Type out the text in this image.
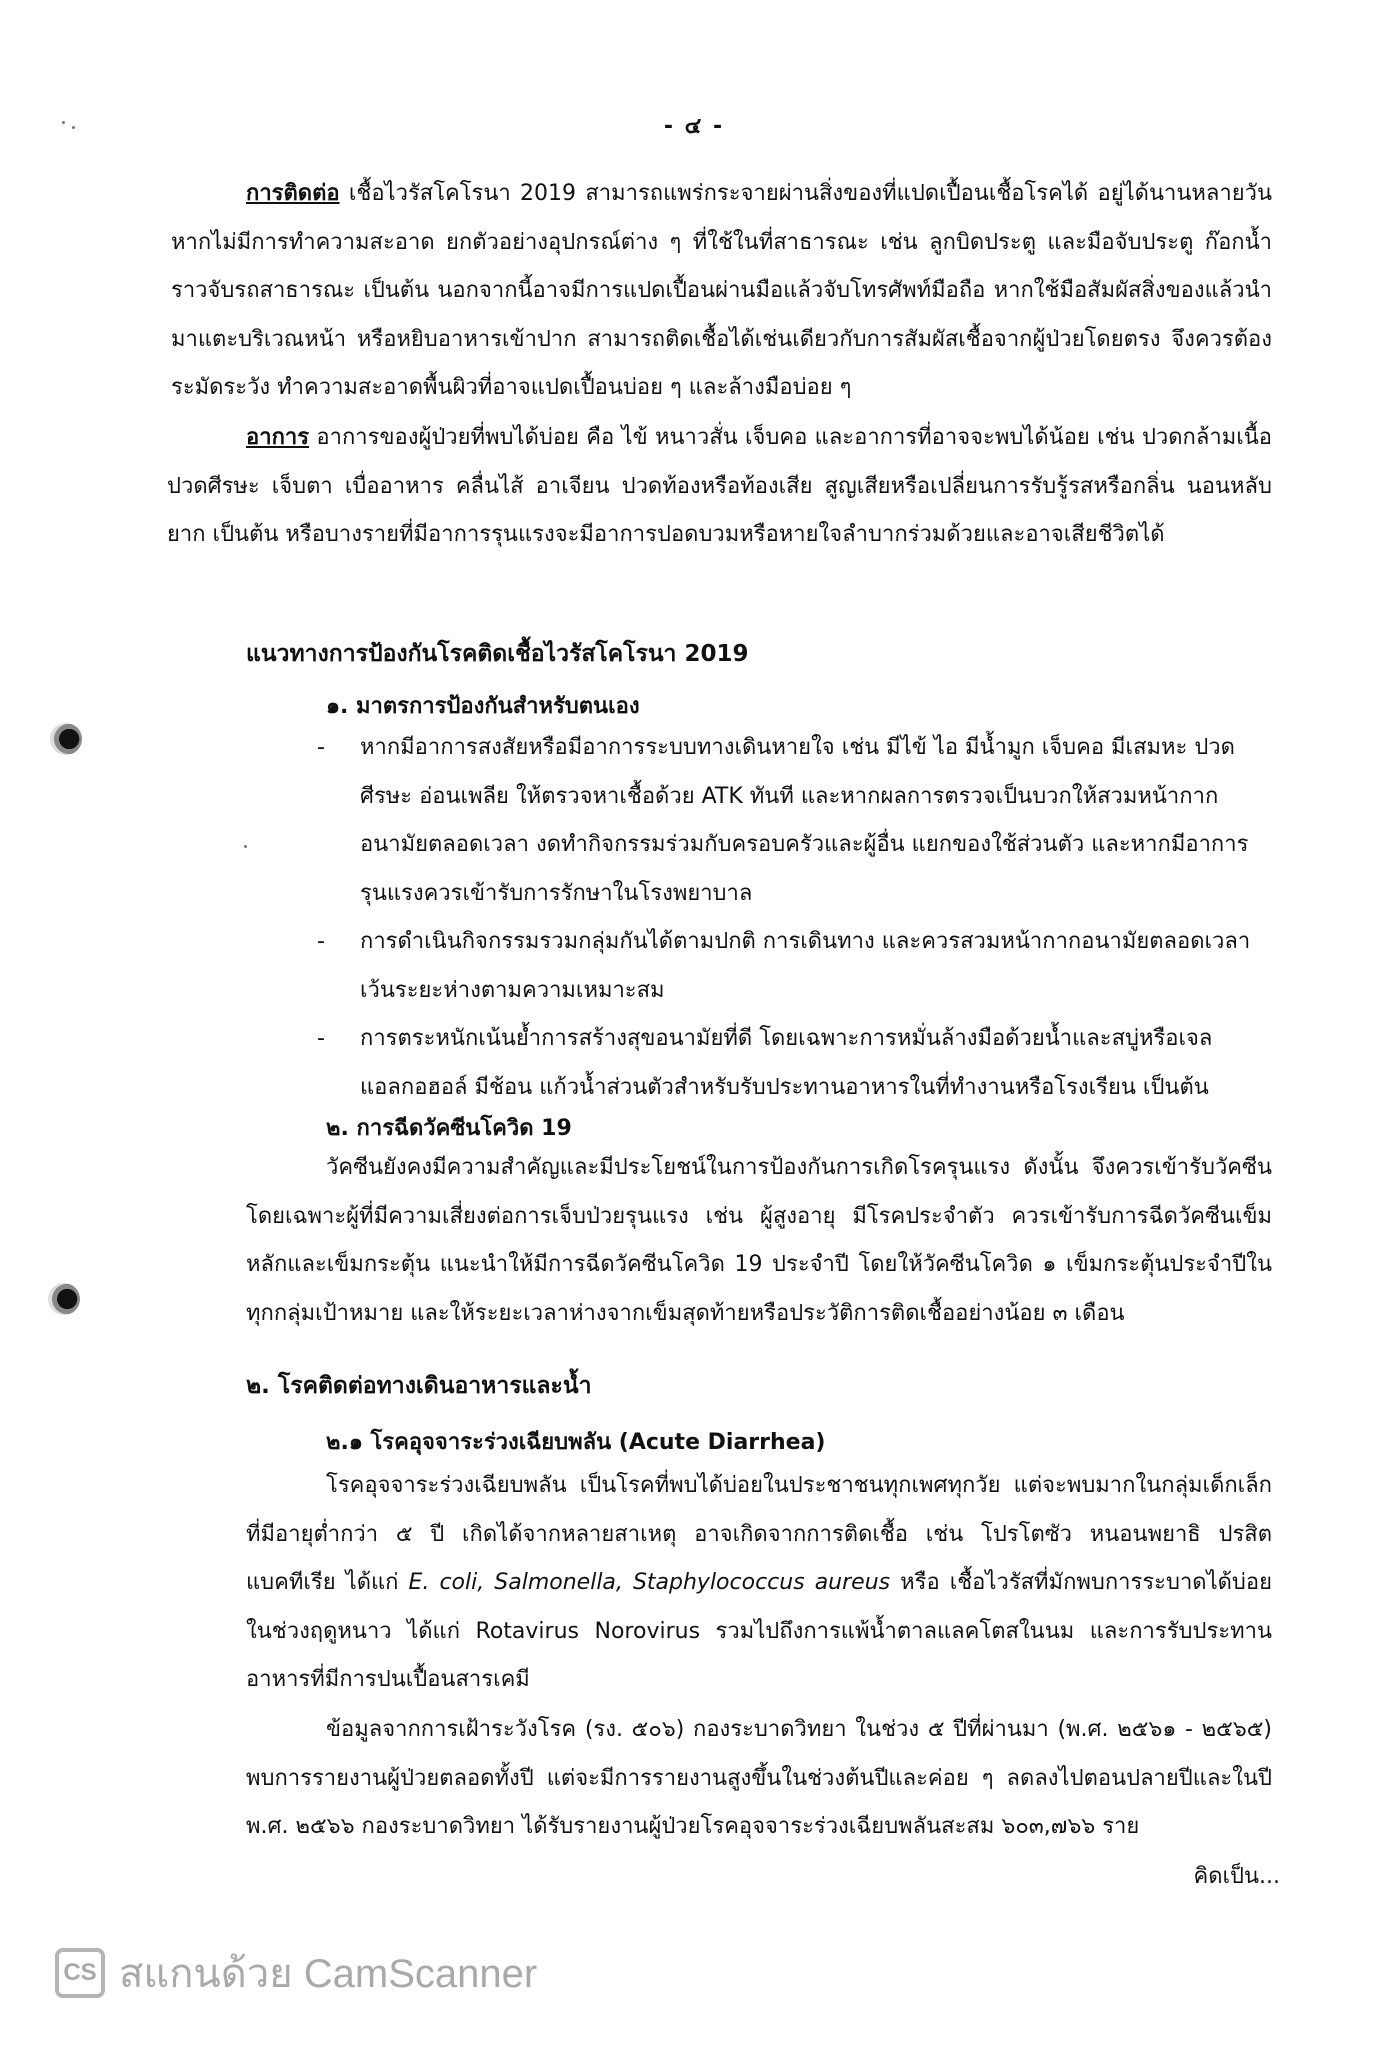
- ๔ -

การติดต่อ เชื้อไวรัสโคโรนา 2019 สามารถแพร่กระจายผ่านสิ่งของที่แปดเปื้อนเชื้อโรคได้ อยู่ได้นานหลายวันหากไม่มีการทำความสะอาด ยกตัวอย่างอุปกรณ์ต่าง ๆ ที่ใช้ในที่สาธารณะ เช่น ลูกบิดประตู และมือจับประตู ก๊อกน้ำ ราวจับรถสาธารณะ เป็นต้น นอกจากนี้อาจมีการแปดเปื้อนผ่านมือแล้วจับโทรศัพท์มือถือ หากใช้มือสัมผัสสิ่งของแล้วนำมาแตะบริเวณหน้า หรือหยิบอาหารเข้าปาก สามารถติดเชื้อได้เช่นเดียวกับการสัมผัสเชื้อจากผู้ป่วยโดยตรง จึงควรต้องระมัดระวัง ทำความสะอาดพื้นผิวที่อาจแปดเปื้อนบ่อย ๆ และล้างมือบ่อย ๆ

อาการ อาการของผู้ป่วยที่พบได้บ่อย คือ ไข้ หนาวสั่น เจ็บคอ และอาการที่อาจจะพบได้น้อย เช่น ปวดกล้ามเนื้อ ปวดศีรษะ เจ็บตา เบื่ออาหาร คลื่นไส้ อาเจียน ปวดท้องหรือท้องเสีย สูญเสียหรือเปลี่ยนการรับรู้รสหรือกลิ่น นอนหลับยาก เป็นต้น หรือบางรายที่มีอาการรุนแรงจะมีอาการปอดบวมหรือหายใจลำบากร่วมด้วยและอาจเสียชีวิตได้

แนวทางการป้องกันโรคติดเชื้อไวรัสโคโรนา 2019
๑. มาตรการป้องกันสำหรับตนเอง
- หากมีอาการสงสัยหรือมีอาการระบบทางเดินหายใจ เช่น มีไข้ ไอ มีน้ำมูก เจ็บคอ มีเสมหะ ปวดศีรษะ อ่อนเพลีย ให้ตรวจหาเชื้อด้วย ATK ทันที และหากผลการตรวจเป็นบวกให้สวมหน้ากากอนามัยตลอดเวลา งดทำกิจกรรมร่วมกับครอบครัวและผู้อื่น แยกของใช้ส่วนตัว และหากมีอาการรุนแรงควรเข้ารับการรักษาในโรงพยาบาล
- การดำเนินกิจกรรมรวมกลุ่มกันได้ตามปกติ การเดินทาง และควรสวมหน้ากากอนามัยตลอดเวลา เว้นระยะห่างตามความเหมาะสม
- การตระหนักเน้นย้ำการสร้างสุขอนามัยที่ดี โดยเฉพาะการหมั่นล้างมือด้วยน้ำและสบู่หรือเจลแอลกอฮอล์ มีช้อน แก้วน้ำส่วนตัวสำหรับรับประทานอาหารในที่ทำงานหรือโรงเรียน เป็นต้น
๒. การฉีดวัคซีนโควิด 19

วัคซีนยังคงมีความสำคัญและมีประโยชน์ในการป้องกันการเกิดโรครุนแรง ดังนั้น จึงควรเข้ารับวัคซีนโดยเฉพาะผู้ที่มีความเสี่ยงต่อการเจ็บป่วยรุนแรง เช่น ผู้สูงอายุ มีโรคประจำตัว ควรเข้ารับการฉีดวัคซีนเข็มหลักและเข็มกระตุ้น แนะนำให้มีการฉีดวัคซีนโควิด 19 ประจำปี โดยให้วัคซีนโควิด ๑ เข็มกระตุ้นประจำปีในทุกกลุ่มเป้าหมาย และให้ระยะเวลาห่างจากเข็มสุดท้ายหรือประวัติการติดเชื้ออย่างน้อย ๓ เดือน

๒. โรคติดต่อทางเดินอาหารและน้ำ
๒.๑ โรคอุจจาระร่วงเฉียบพลัน (Acute Diarrhea)

โรคอุจจาระร่วงเฉียบพลัน เป็นโรคที่พบได้บ่อยในประชาชนทุกเพศทุกวัย แต่จะพบมากในกลุ่มเด็กเล็กที่มีอายุต่ำกว่า ๕ ปี เกิดได้จากหลายสาเหตุ อาจเกิดจากการติดเชื้อ เช่น โปรโตซัว หนอนพยาธิ ปรสิต แบคทีเรีย ได้แก่ E. coli, Salmonella, Staphylococcus aureus หรือ เชื้อไวรัสที่มักพบการระบาดได้บ่อยในช่วงฤดูหนาว ได้แก่ Rotavirus Norovirus รวมไปถึงการแพ้น้ำตาลแลคโตสในนม และการรับประทานอาหารที่มีการปนเปื้อนสารเคมี

ข้อมูลจากการเฝ้าระวังโรค (รง. ๕๐๖) กองระบาดวิทยา ในช่วง ๕ ปีที่ผ่านมา (พ.ศ. ๒๕๖๑ - ๒๕๖๕) พบการรายงานผู้ป่วยตลอดทั้งปี แต่จะมีการรายงานสูงขึ้นในช่วงต้นปีและค่อย ๆ ลดลงไปตอนปลายปีและในปี พ.ศ. ๒๕๖๖ กองระบาดวิทยา ได้รับรายงานผู้ป่วยโรคอุจจาระร่วงเฉียบพลันสะสม ๖๐๓,๗๖๖ ราย

คิดเป็น...
CS สแกนด้วย CamScanner
